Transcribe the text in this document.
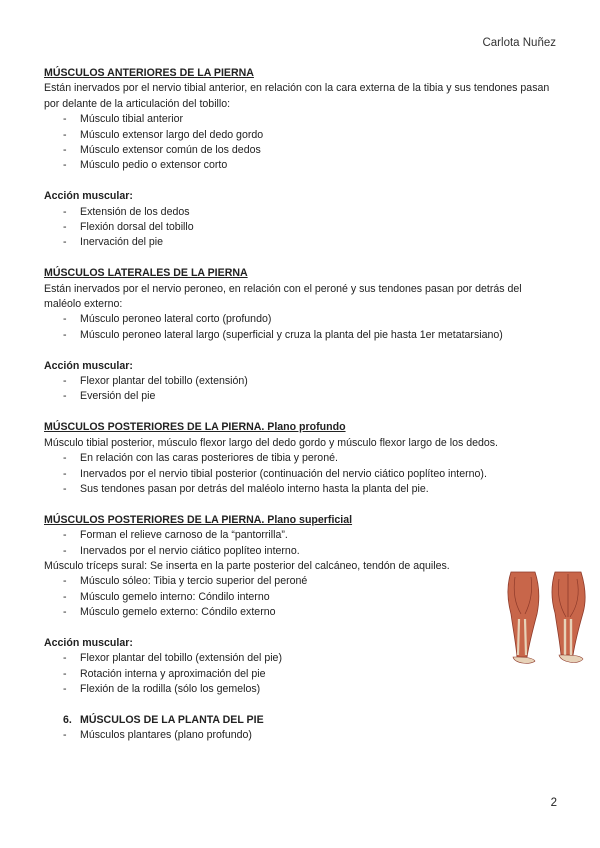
Carlota Nuñez

MÚSCULOS ANTERIORES DE LA PIERNA

Están inervados por el nervio tibial anterior, en relación con la cara externa de la tibia y sus tendones pasan por delante de la articulación del tobillo:

- Músculo tibial anterior
- Músculo extensor largo del dedo gordo
- Músculo extensor común de los dedos
- Músculo pedio o extensor corto

Acción muscular:

- Extensión de los dedos
- Flexión dorsal del tobillo
- Inervación del pie

MÚSCULOS LATERALES DE LA PIERNA

Están inervados por el nervio peroneo, en relación con el peroné y sus tendones pasan por detrás del maléolo externo:

- Músculo peroneo lateral corto (profundo)
- Músculo peroneo lateral largo (superficial y cruza la planta del pie hasta 1er metatarsiano)

Acción muscular:

- Flexor plantar del tobillo (extensión)
- Eversión del pie

MÚSCULOS POSTERIORES DE LA PIERNA. Plano profundo

Músculo tibial posterior, músculo flexor largo del dedo gordo y músculo flexor largo de los dedos.

- En relación con las caras posteriores de tibia y peroné.
- Inervados por el nervio tibial posterior (continuación del nervio ciático poplíteo interno).
- Sus tendones pasan por detrás del maléolo interno hasta la planta del pie.

MÚSCULOS POSTERIORES DE LA PIERNA. Plano superficial

- Forman el relieve carnoso de la “pantorrilla”.
- Inervados por el nervio ciático poplíteo interno.

Músculo tríceps sural: Se inserta en la parte posterior del calcáneo, tendón de aquiles.

- Músculo sóleo: Tibia y tercio superior del peroné
- Músculo gemelo interno: Cóndilo interno
- Músculo gemelo externo: Cóndilo externo

Acción muscular:

- Flexor plantar del tobillo (extensión del pie)
- Rotación interna y aproximación del pie
- Flexión de la rodilla (sólo los gemelos)

6. MÚSCULOS DE LA PLANTA DEL PIE

- Músculos plantares (plano profundo)
2
